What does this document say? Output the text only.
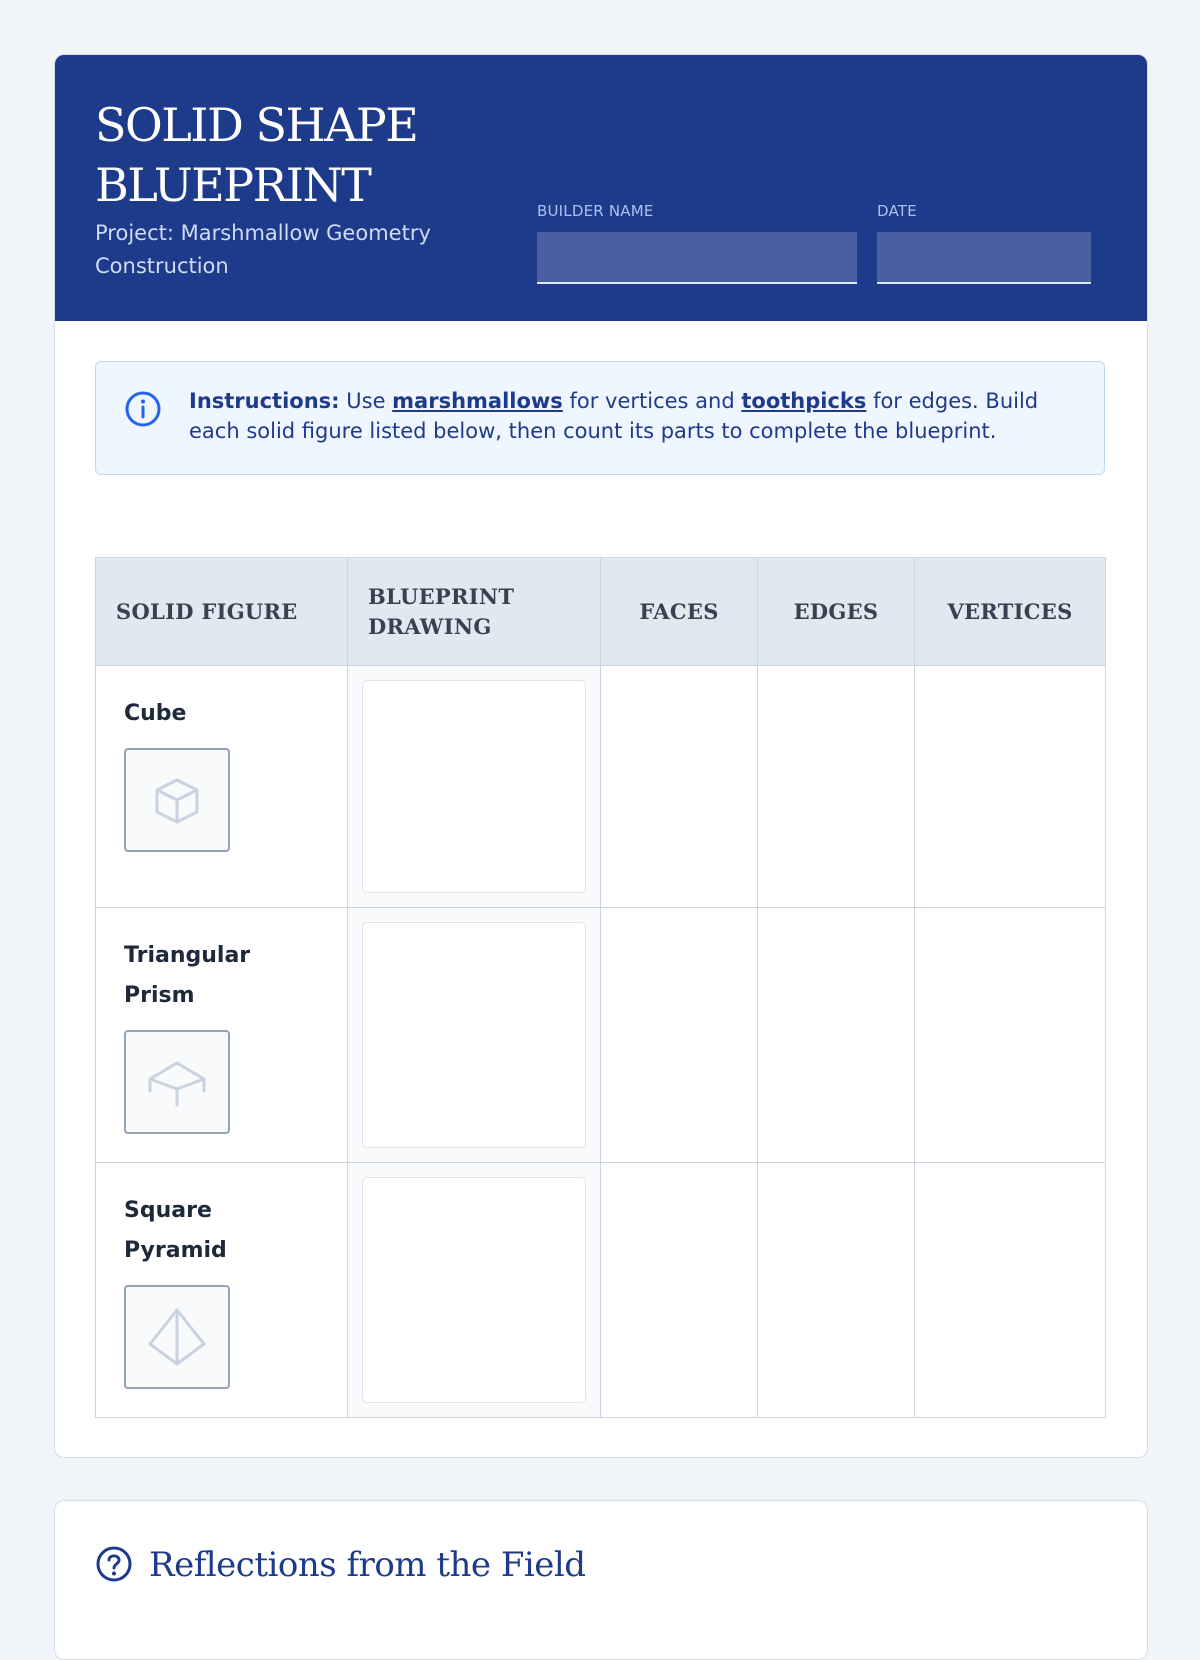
SOLID SHAPE BLUEPRINT
Project: Marshmallow Geometry Construction
BUILDER NAME	DATE
Instructions: Use marshmallows for vertices and toothpicks for edges. Build each solid figure listed below, then count its parts to complete the blueprint.
SOLID FIGURE	BLUEPRINT DRAWING	FACES	EDGES	VERTICES

Cube				

Triangular Prism				

Square Pyramid				

Reflections from the Field
